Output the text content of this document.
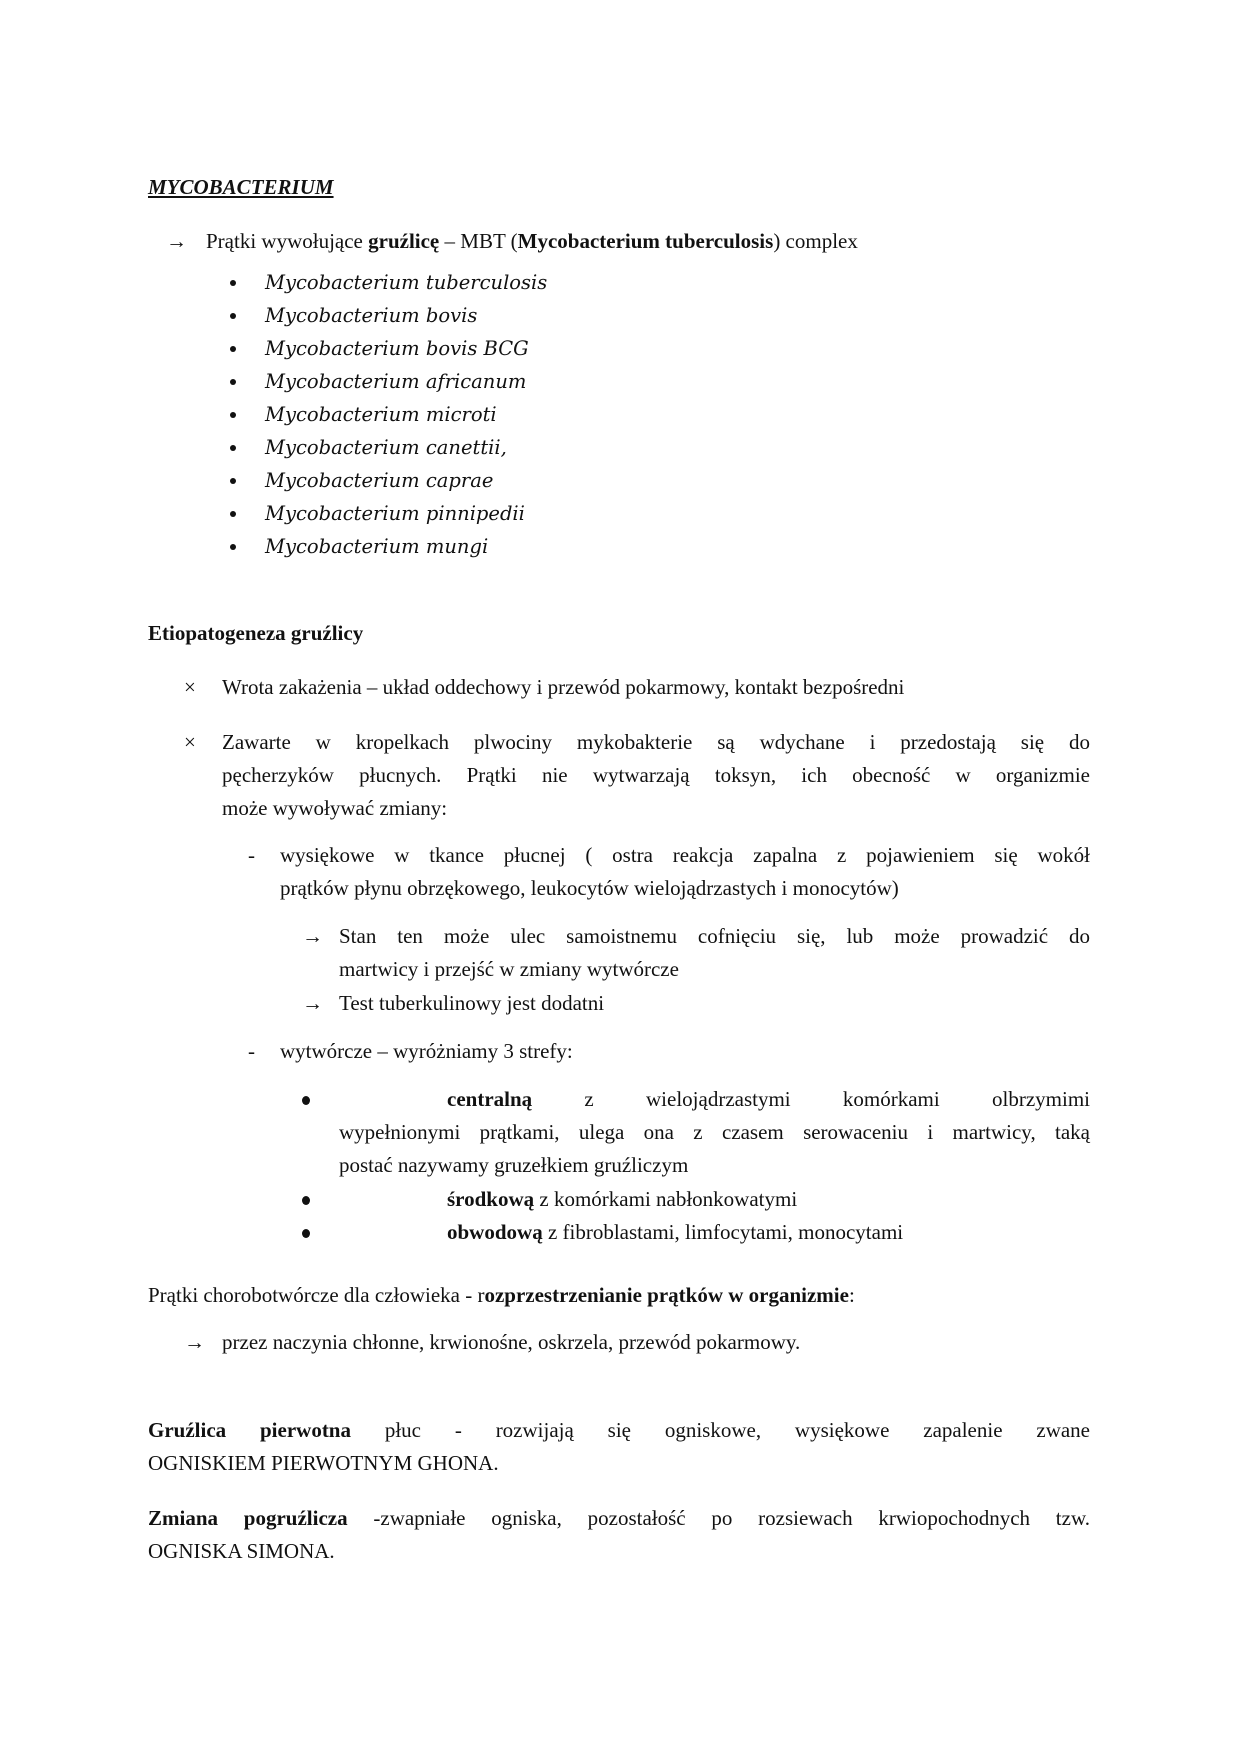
MYCOBACTERIUM
→ Prątki wywołujące gruźlicę – MBT (Mycobacterium tuberculosis) complex
Mycobacterium tuberculosis
Mycobacterium bovis
Mycobacterium bovis BCG
Mycobacterium africanum
Mycobacterium microti
Mycobacterium canettii,
Mycobacterium caprae
Mycobacterium pinnipedii
Mycobacterium mungi
Etiopatogeneza gruźlicy
× Wrota zakażenia – układ oddechowy i przewód pokarmowy, kontakt bezpośredni
× Zawarte w kropelkach plwociny mykobakterie są wdychane i przedostają się do
pęcherzyków płucnych. Prątki nie wytwarzają toksyn, ich obecność w organizmie
może wywoływać zmiany:
- wysiękowe w tkance płucnej ( ostra reakcja zapalna z pojawieniem się wokół
prątków płynu obrzękowego, leukocytów wielojądrzastych i monocytów)
→ Stan ten może ulec samoistnemu cofnięciu się, lub może prowadzić do
martwicy i przejść w zmiany wytwórcze
→ Test tuberkulinowy jest dodatni
- wytwórcze – wyróżniamy 3 strefy:
centralną z wielojądrzastymi komórkami olbrzymimi
wypełnionymi prątkami, ulega ona z czasem serowaceniu i martwicy, taką
postać nazywamy gruzełkiem gruźliczym
środkową z komórkami nabłonkowatymi
obwodową z fibroblastami, limfocytami, monocytami
Prątki chorobotwórcze dla człowieka - rozprzestrzenianie prątków w organizmie:
→ przez naczynia chłonne, krwionośne, oskrzela, przewód pokarmowy.
Gruźlica pierwotna płuc - rozwijają się ogniskowe, wysiękowe zapalenie zwane
OGNISKIEM PIERWOTNYM GHONA.
Zmiana pogruźlicza -zwapniałe ogniska, pozostałość po rozsiewach krwiopochodnych tzw.
OGNISKA SIMONA.
